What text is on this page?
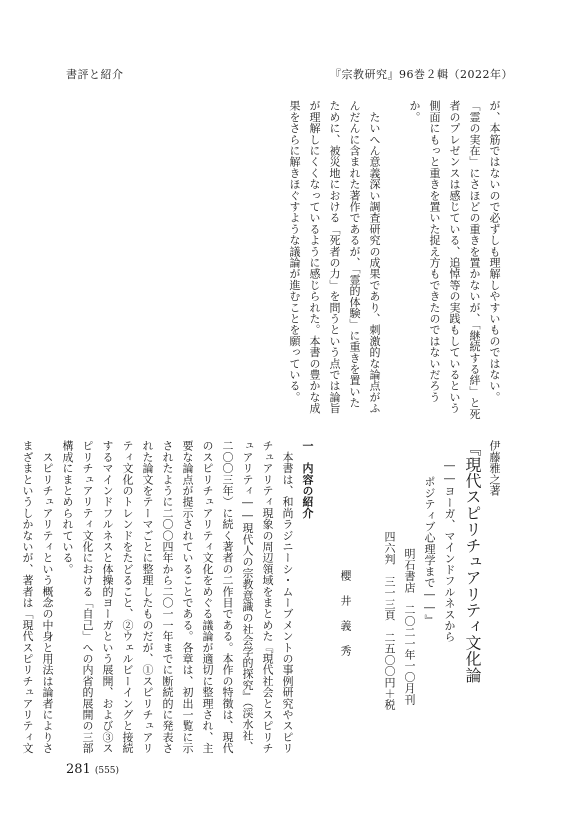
書評と紹介	『宗教研究』96巻２輯（2022年）
が、本筋ではないので必ずしも理解しやすいものではない。
「霊の実在」にさほどの重きを置かないが、「継続する絆」と死
者のプレゼンスは感じている、追悼等の実践もしているという
側面にもっと重きを置いた捉え方もできたのではないだろう
か。
　たいへん意義深い調査研究の成果であり、刺激的な論点がふ
んだんに含まれた著作であるが、「霊的体験」に重きを置いた
ために、被災地における「死者の力」を問うという点では論旨
が理解しにくくなっているように感じられた。本書の豊かな成
果をさらに解きほぐすような議論が進むことを願っている。
伊藤雅之著
『現代スピリチュアリティ文化論
――ヨーガ、マインドフルネスから
ポジティブ心理学まで――』
明石書店　二〇二一年一〇月刊
四六判　三一三頁　二五〇〇円＋税
櫻井義秀
一　内容の紹介
　本書は、和尚ラジニーシ・ムーブメントの事例研究やスピリ
チュアリティ現象の周辺領域をまとめた『現代社会とスピリチ
ュアリティ――現代人の宗教意識の社会学的探究』（渓水社、
二〇〇三年）に続く著者の二作目である。本作の特徴は、現代
のスピリチュアリティ文化をめぐる議論が適切に整理され、主
要な論点が提示されていることである。各章は、初出一覧に示
されたように二〇〇四年から二〇一一年までに断続的に発表さ
れた論文をテーマごとに整理したものだが、①スピリチュアリ
ティ文化のトレンドをたどること、②ウェルビーイングと接続
するマインドフルネスと体操的ヨーガという展開、および③ス
ピリチュアリティ文化における「自己」への内省的展開の三部
構成にまとめられている。
　スピリチュアリティという概念の中身と用法は論者によりさ
まざまというしかないが、著者は「現代スピリチュアリティ文
281 (555)
